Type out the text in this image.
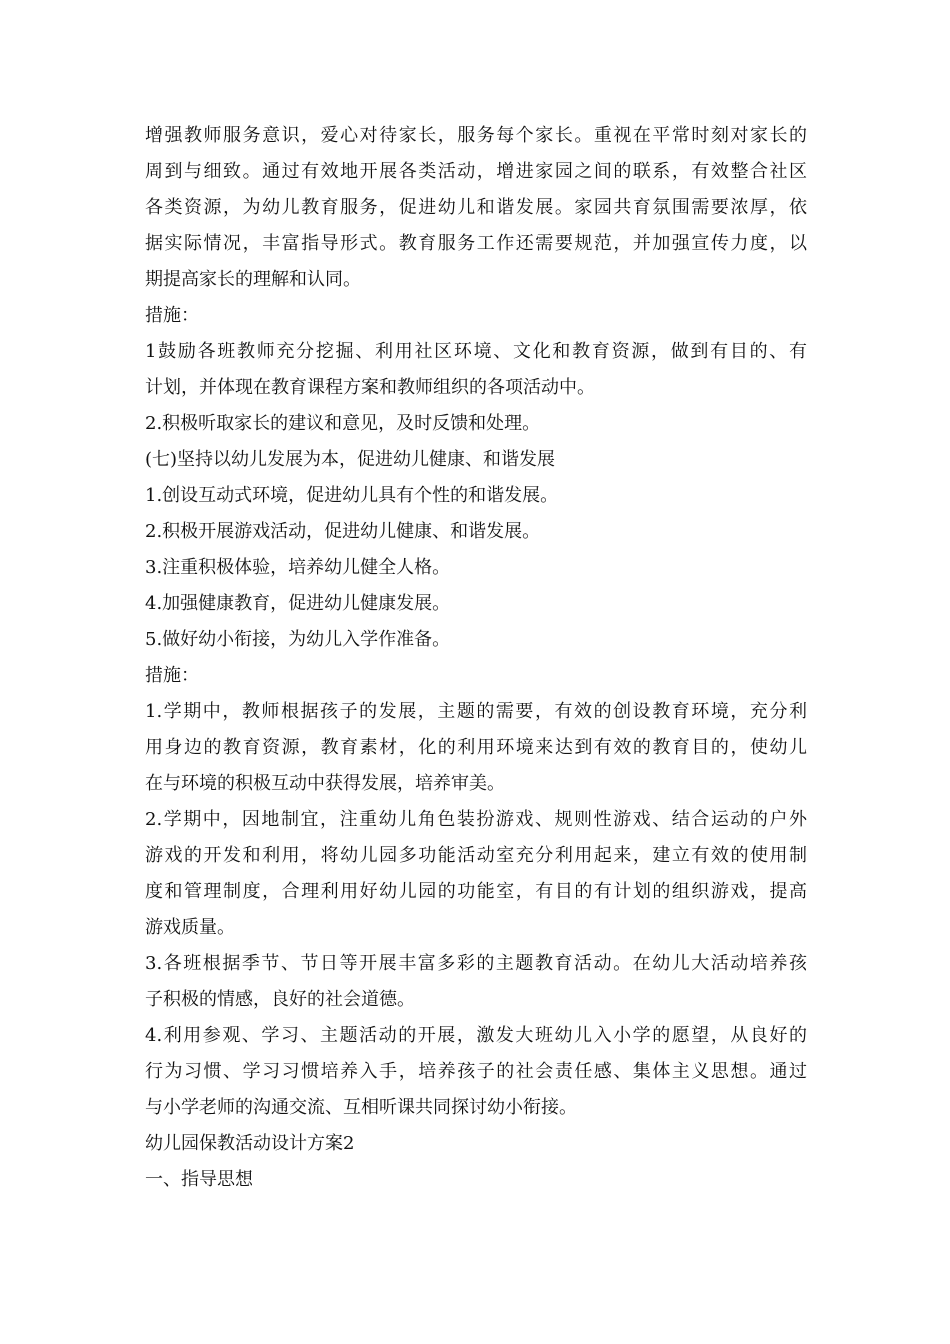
增强教师服务意识，爱心对待家长，服务每个家长。重视在平常时刻对家长的

周到与细致。通过有效地开展各类活动，增进家园之间的联系，有效整合社区

各类资源，为幼儿教育服务，促进幼儿和谐发展。家园共育氛围需要浓厚，依

据实际情况，丰富指导形式。教育服务工作还需要规范，并加强宣传力度，以

期提高家长的理解和认同。

措施：

1鼓励各班教师充分挖掘、利用社区环境、文化和教育资源，做到有目的、有

计划，并体现在教育课程方案和教师组织的各项活动中。

2.积极听取家长的建议和意见，及时反馈和处理。

(七)坚持以幼儿发展为本，促进幼儿健康、和谐发展

1.创设互动式环境，促进幼儿具有个性的和谐发展。

2.积极开展游戏活动，促进幼儿健康、和谐发展。

3.注重积极体验，培养幼儿健全人格。

4.加强健康教育，促进幼儿健康发展。

5.做好幼小衔接，为幼儿入学作准备。

措施：

1.学期中，教师根据孩子的发展，主题的需要，有效的创设教育环境，充分利

用身边的教育资源，教育素材，化的利用环境来达到有效的教育目的，使幼儿

在与环境的积极互动中获得发展，培养审美。

2.学期中，因地制宜，注重幼儿角色装扮游戏、规则性游戏、结合运动的户外

游戏的开发和利用，将幼儿园多功能活动室充分利用起来，建立有效的使用制

度和管理制度，合理利用好幼儿园的功能室，有目的有计划的组织游戏，提高

游戏质量。

3.各班根据季节、节日等开展丰富多彩的主题教育活动。在幼儿大活动培养孩

子积极的情感，良好的社会道德。

4.利用参观、学习、主题活动的开展，激发大班幼儿入小学的愿望，从良好的

行为习惯、学习习惯培养入手，培养孩子的社会责任感、集体主义思想。通过

与小学老师的沟通交流、互相听课共同探讨幼小衔接。

幼儿园保教活动设计方案2

一、指导思想
